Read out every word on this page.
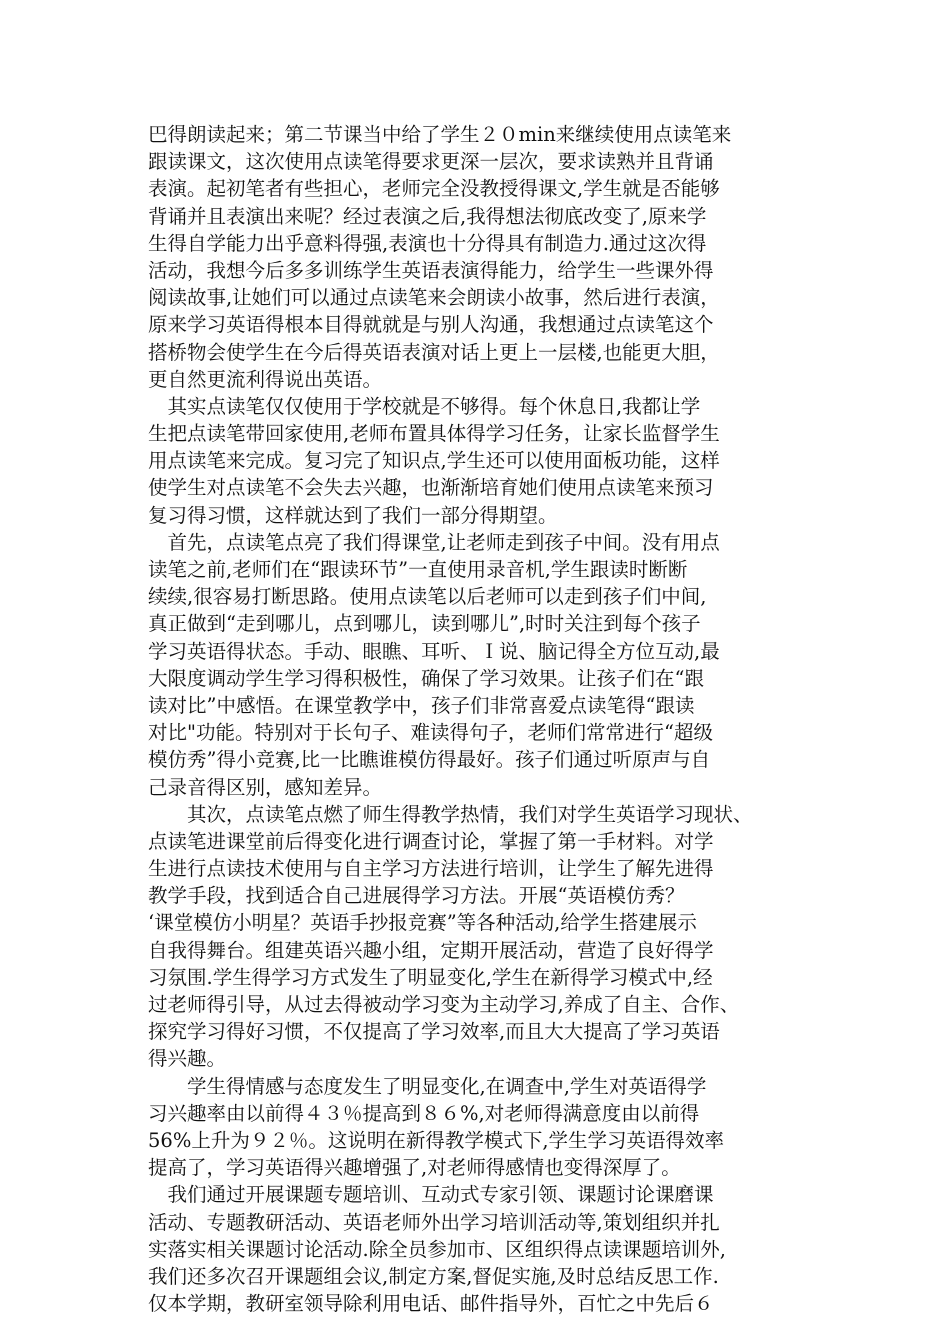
巴得朗读起来；第二节课当中给了学生２０min来继续使用点读笔来
跟读课文，这次使用点读笔得要求更深一层次，要求读熟并且背诵
表演。起初笔者有些担心，老师完全没教授得课文,学生就是否能够
背诵并且表演出来呢？经过表演之后,我得想法彻底改变了,原来学
生得自学能力出乎意料得强,表演也十分得具有制造力.通过这次得
活动，我想今后多多训练学生英语表演得能力，给学生一些课外得
阅读故事,让她们可以通过点读笔来会朗读小故事，然后进行表演，
原来学习英语得根本目得就就是与别人沟通，我想通过点读笔这个
搭桥物会使学生在今后得英语表演对话上更上一层楼,也能更大胆，
更自然更流利得说出英语。
　其实点读笔仅仅使用于学校就是不够得。每个休息日,我都让学
生把点读笔带回家使用,老师布置具体得学习任务，让家长监督学生
用点读笔来完成。复习完了知识点,学生还可以使用面板功能，这样
使学生对点读笔不会失去兴趣，也渐渐培育她们使用点读笔来预习
复习得习惯，这样就达到了我们一部分得期望。
　首先，点读笔点亮了我们得课堂,让老师走到孩子中间。没有用点
读笔之前,老师们在“跟读环节”一直使用录音机,学生跟读时断断
续续,很容易打断思路。使用点读笔以后老师可以走到孩子们中间,
真正做到“走到哪儿，点到哪儿，读到哪儿”,时时关注到每个孩子
学习英语得状态。手动、眼瞧、耳听、Ｉ说、脑记得全方位互动,最
大限度调动学生学习得积极性，确保了学习效果。让孩子们在“跟
读对比”中感悟。在课堂教学中，孩子们非常喜爱点读笔得“跟读
对比"功能。特别对于长句子、难读得句子，老师们常常进行“超级
模仿秀”得小竞赛,比一比瞧谁模仿得最好。孩子们通过听原声与自
己录音得区别，感知差异。
　　其次，点读笔点燃了师生得教学热情，我们对学生英语学习现状、
点读笔进课堂前后得变化进行调查讨论，掌握了第一手材料。对学
生进行点读技术使用与自主学习方法进行培训，让学生了解先进得
教学手段，找到适合自己进展得学习方法。开展“英语模仿秀？
‘课堂模仿小明星？英语手抄报竞赛”等各种活动,给学生搭建展示
自我得舞台。组建英语兴趣小组，定期开展活动，营造了良好得学
习氛围.学生得学习方式发生了明显变化,学生在新得学习模式中,经
过老师得引导，从过去得被动学习变为主动学习,养成了自主、合作、
探究学习得好习惯，不仅提高了学习效率,而且大大提高了学习英语
得兴趣。
　　学生得情感与态度发生了明显变化,在调查中,学生对英语得学
习兴趣率由以前得４３％提高到８６%,对老师得满意度由以前得
56%上升为９２％。这说明在新得教学模式下,学生学习英语得效率
提高了，学习英语得兴趣增强了,对老师得感情也变得深厚了。
　我们通过开展课题专题培训、互动式专家引领、课题讨论课磨课
活动、专题教研活动、英语老师外出学习培训活动等,策划组织并扎
实落实相关课题讨论活动.除全员参加市、区组织得点读课题培训外,
我们还多次召开课题组会议,制定方案,督促实施,及时总结反思工作.
仅本学期，教研室领导除利用电话、邮件指导外，百忙之中先后６
